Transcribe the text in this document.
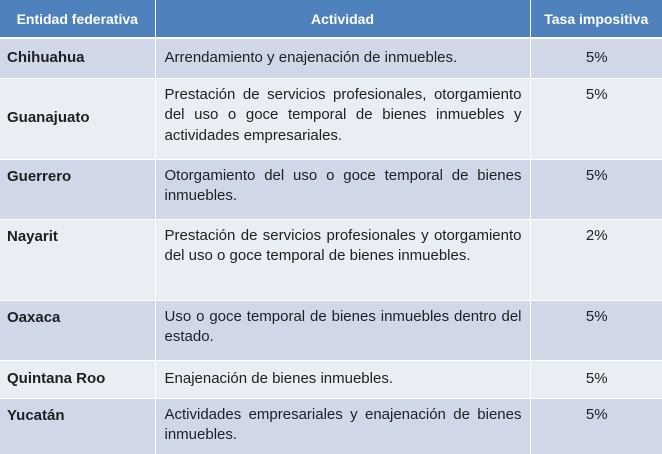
Entidad federativa	Actividad	Tasa impositiva
Chihuahua	Arrendamiento y enajenación de inmuebles.	5%
Guanajuato	Prestación de servicios profesionales, otorgamiento del uso o goce temporal de bienes inmuebles y actividades empresariales.	5%
Guerrero	Otorgamiento del uso o goce temporal de bienes inmuebles.	5%
Nayarit	Prestación de servicios profesionales y otorgamiento del uso o goce temporal de bienes inmuebles.	2%
Oaxaca	Uso o goce temporal de bienes inmuebles dentro del estado.	5%
Quintana Roo	Enajenación de bienes inmuebles.	5%
Yucatán	Actividades empresariales y enajenación de bienes inmuebles.	5%
